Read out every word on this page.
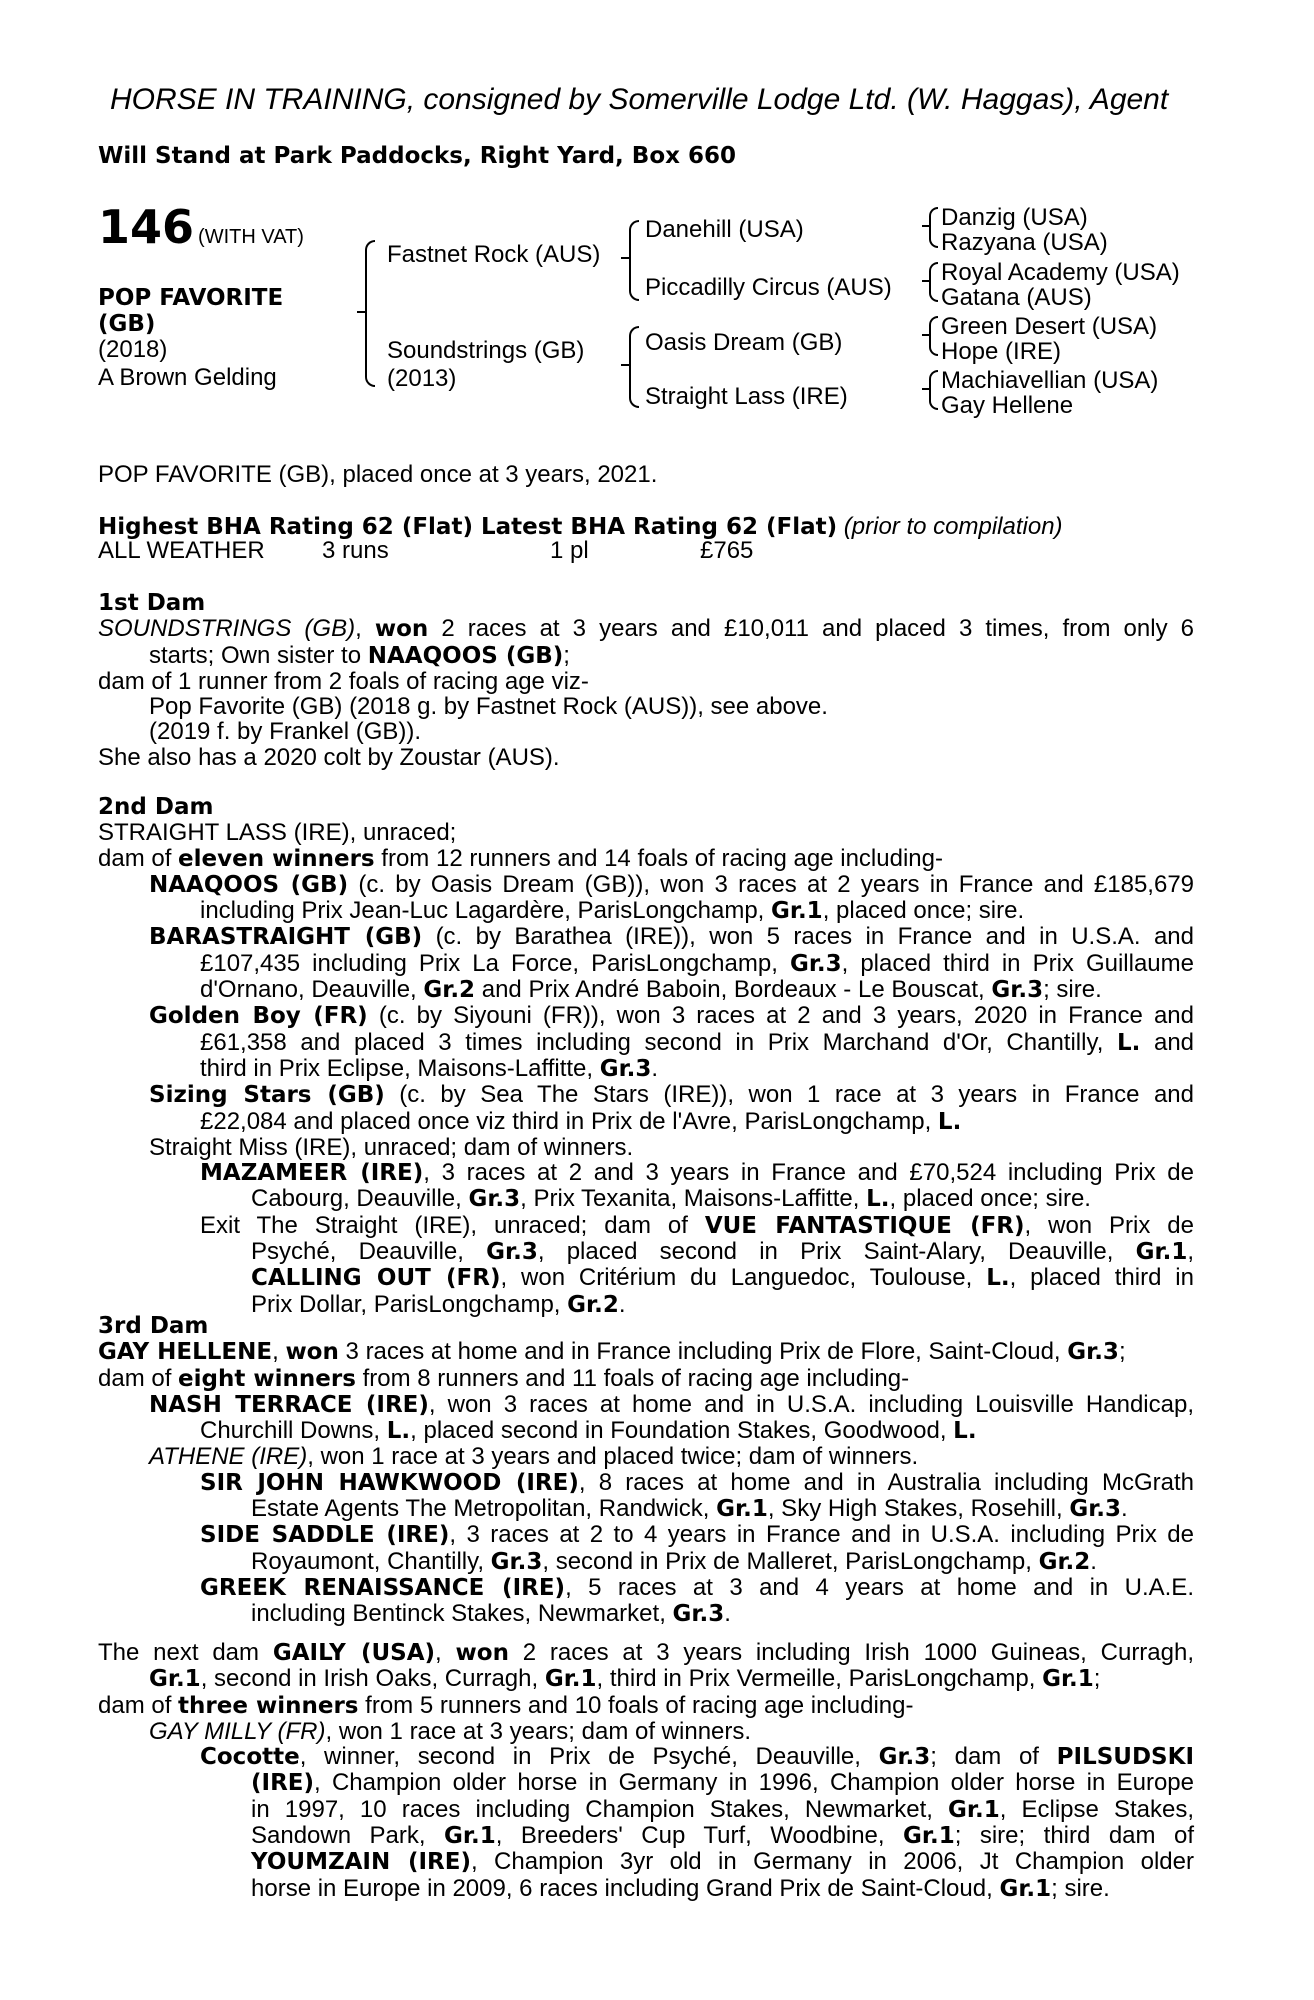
HORSE IN TRAINING, consigned by Somerville Lodge Ltd. (W. Haggas), Agent
Will Stand at Park Paddocks, Right Yard, Box 660
146 (WITH VAT)
POP FAVORITE
(GB)
(2018)
A Brown Gelding
Fastnet Rock (AUS)
Soundstrings (GB)
(2013)
Danehill (USA)
Piccadilly Circus (AUS)
Oasis Dream (GB)
Straight Lass (IRE)
Danzig (USA)
Razyana (USA)
Royal Academy (USA)
Gatana (AUS)
Green Desert (USA)
Hope (IRE)
Machiavellian (USA)
Gay Hellene
POP FAVORITE (GB), placed once at 3 years, 2021.
Highest BHA Rating 62 (Flat) Latest BHA Rating 62 (Flat) (prior to compilation)
ALL WEATHER 3 runs	1 pl	£765
1st Dam
SOUNDSTRINGS (GB), won 2 races at 3 years and £10,011 and placed 3 times, from only 6
starts; Own sister to NAAQOOS (GB);
dam of 1 runner from 2 foals of racing age viz-
Pop Favorite (GB) (2018 g. by Fastnet Rock (AUS)), see above.
(2019 f. by Frankel (GB)).
She also has a 2020 colt by Zoustar (AUS).
2nd Dam
STRAIGHT LASS (IRE), unraced;
dam of eleven winners from 12 runners and 14 foals of racing age including-
NAAQOOS (GB) (c. by Oasis Dream (GB)), won 3 races at 2 years in France and £185,679
including Prix Jean-Luc Lagardère, ParisLongchamp, Gr.1, placed once; sire.
BARASTRAIGHT (GB) (c. by Barathea (IRE)), won 5 races in France and in U.S.A. and
£107,435 including Prix La Force, ParisLongchamp, Gr.3, placed third in Prix Guillaume
d'Ornano, Deauville, Gr.2 and Prix André Baboin, Bordeaux - Le Bouscat, Gr.3; sire.
Golden Boy (FR) (c. by Siyouni (FR)), won 3 races at 2 and 3 years, 2020 in France and
£61,358 and placed 3 times including second in Prix Marchand d'Or, Chantilly, L. and
third in Prix Eclipse, Maisons-Laffitte, Gr.3.
Sizing Stars (GB) (c. by Sea The Stars (IRE)), won 1 race at 3 years in France and
£22,084 and placed once viz third in Prix de l'Avre, ParisLongchamp, L.
Straight Miss (IRE), unraced; dam of winners.
MAZAMEER (IRE), 3 races at 2 and 3 years in France and £70,524 including Prix de
Cabourg, Deauville, Gr.3, Prix Texanita, Maisons-Laffitte, L., placed once; sire.
Exit The Straight (IRE), unraced; dam of VUE FANTASTIQUE (FR), won Prix de
Psyché, Deauville, Gr.3, placed second in Prix Saint-Alary, Deauville, Gr.1,
CALLING OUT (FR), won Critérium du Languedoc, Toulouse, L., placed third in
Prix Dollar, ParisLongchamp, Gr.2.
3rd Dam
GAY HELLENE, won 3 races at home and in France including Prix de Flore, Saint-Cloud, Gr.3;
dam of eight winners from 8 runners and 11 foals of racing age including-
NASH TERRACE (IRE), won 3 races at home and in U.S.A. including Louisville Handicap,
Churchill Downs, L., placed second in Foundation Stakes, Goodwood, L.
ATHENE (IRE), won 1 race at 3 years and placed twice; dam of winners.
SIR JOHN HAWKWOOD (IRE), 8 races at home and in Australia including McGrath
Estate Agents The Metropolitan, Randwick, Gr.1, Sky High Stakes, Rosehill, Gr.3.
SIDE SADDLE (IRE), 3 races at 2 to 4 years in France and in U.S.A. including Prix de
Royaumont, Chantilly, Gr.3, second in Prix de Malleret, ParisLongchamp, Gr.2.
GREEK RENAISSANCE (IRE), 5 races at 3 and 4 years at home and in U.A.E.
including Bentinck Stakes, Newmarket, Gr.3.
The next dam GAILY (USA), won 2 races at 3 years including Irish 1000 Guineas, Curragh,
Gr.1, second in Irish Oaks, Curragh, Gr.1, third in Prix Vermeille, ParisLongchamp, Gr.1;
dam of three winners from 5 runners and 10 foals of racing age including-
GAY MILLY (FR), won 1 race at 3 years; dam of winners.
Cocotte, winner, second in Prix de Psyché, Deauville, Gr.3; dam of PILSUDSKI
(IRE), Champion older horse in Germany in 1996, Champion older horse in Europe
in 1997, 10 races including Champion Stakes, Newmarket, Gr.1, Eclipse Stakes,
Sandown Park, Gr.1, Breeders' Cup Turf, Woodbine, Gr.1; sire; third dam of
YOUMZAIN (IRE), Champion 3yr old in Germany in 2006, Jt Champion older
horse in Europe in 2009, 6 races including Grand Prix de Saint-Cloud, Gr.1; sire.
